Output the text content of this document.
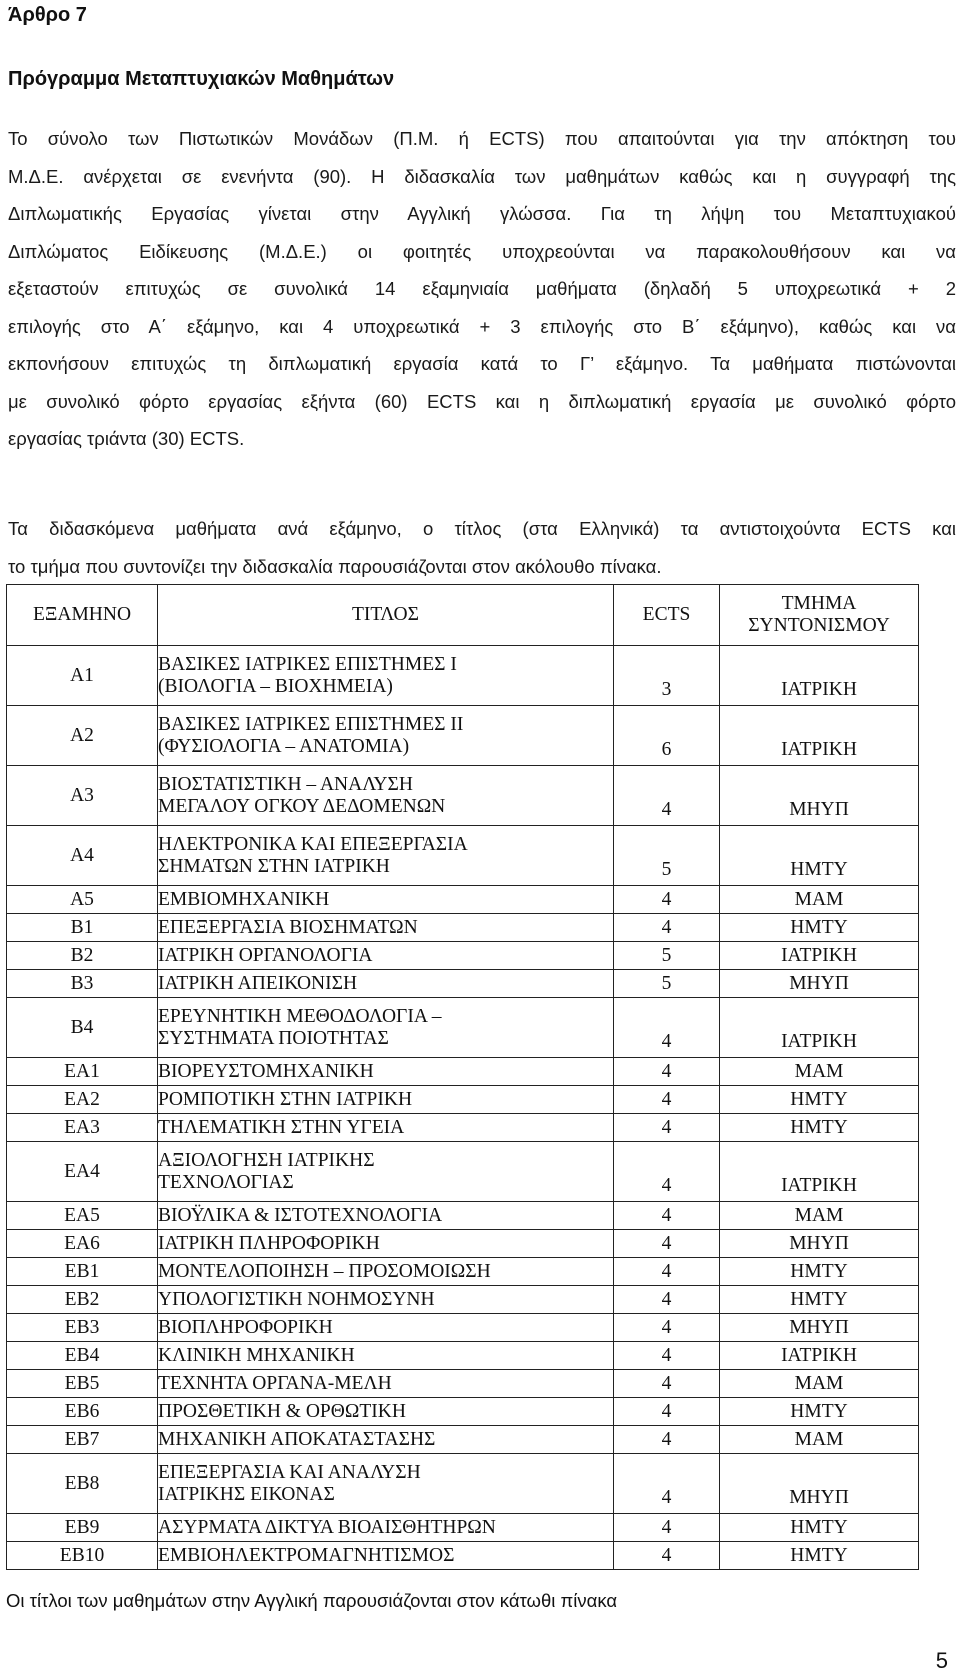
Άρθρο 7
Πρόγραμμα Μεταπτυχιακών Μαθημάτων
Το σύνολο των Πιστωτικών Μονάδων (Π.Μ. ή ECTS) που απαιτούνται για την απόκτηση του
Μ.Δ.Ε. ανέρχεται σε ενενήντα (90). Η διδασκαλία των μαθημάτων καθώς και η συγγραφή της
Διπλωματικής Εργασίας γίνεται στην Αγγλική γλώσσα. Για τη λήψη του Μεταπτυχιακού
Διπλώματος Ειδίκευσης (Μ.Δ.Ε.) οι φοιτητές υποχρεούνται να παρακολουθήσουν και να
εξεταστούν επιτυχώς σε συνολικά 14 εξαμηνιαία μαθήματα (δηλαδή 5 υποχρεωτικά + 2
επιλογής στο Α΄ εξάμηνο, και 4 υποχρεωτικά + 3 επιλογής στο Β΄ εξάμηνο), καθώς και να
εκπονήσουν επιτυχώς τη διπλωματική εργασία κατά το Γ’ εξάμηνο. Τα μαθήματα πιστώνονται
με συνολικό φόρτο εργασίας εξήντα (60) ECTS και η διπλωματική εργασία με συνολικό φόρτο
εργασίας τριάντα (30) ECTS.
Τα διδασκόμενα μαθήματα ανά εξάμηνο, ο τίτλος (στα Ελληνικά) τα αντιστοιχούντα ECTS και
το τμήμα που συντονίζει την διδασκαλία παρουσιάζονται στον ακόλουθο πίνακα.
ΕΞΑΜΗΝΟ	ΤΙΤΛΟΣ	ECTS	ΤΜΗΜΑ
ΣΥΝΤΟΝΙΣΜΟΥ

Α1	ΒΑΣΙΚΕΣ ΙΑΤΡΙΚΕΣ ΕΠΙΣΤΗΜΕΣ Ι
(ΒΙΟΛΟΓΙΑ – ΒΙΟΧΗΜΕΙΑ)	3	ΙΑΤΡΙΚΗ
Α2	ΒΑΣΙΚΕΣ ΙΑΤΡΙΚΕΣ ΕΠΙΣΤΗΜΕΣ ΙΙ
(ΦΥΣΙΟΛΟΓΙΑ – ΑΝΑΤΟΜΙΑ)	6	ΙΑΤΡΙΚΗ
Α3	ΒΙΟΣΤΑΤΙΣΤΙΚΗ – ΑΝΑΛΥΣΗ
ΜΕΓΑΛΟΥ ΟΓΚΟΥ ΔΕΔΟΜΕΝΩΝ	4	ΜΗΥΠ
Α4	ΗΛΕΚΤΡΟΝΙΚΑ ΚΑΙ ΕΠΕΞΕΡΓΑΣΙΑ
ΣΗΜΑΤΩΝ ΣΤΗΝ ΙΑΤΡΙΚΗ	5	ΗΜΤΥ
Α5	ΕΜΒΙΟΜΗΧΑΝΙΚΗ	4	ΜΑΜ
Β1	ΕΠΕΞΕΡΓΑΣΙΑ ΒΙΟΣΗΜΑΤΩΝ	4	ΗΜΤΥ
Β2	ΙΑΤΡΙΚΗ ΟΡΓΑΝΟΛΟΓΙΑ	5	ΙΑΤΡΙΚΗ
Β3	ΙΑΤΡΙΚΗ ΑΠΕΙΚΟΝΙΣΗ	5	ΜΗΥΠ
Β4	ΕΡΕΥΝΗΤΙΚΗ ΜΕΘΟΔΟΛΟΓΙΑ –
ΣΥΣΤΗΜΑΤΑ ΠΟΙΟΤΗΤΑΣ	4	ΙΑΤΡΙΚΗ
ΕΑ1	ΒΙΟΡΕΥΣΤΟΜΗΧΑΝΙΚΗ	4	ΜΑΜ
ΕΑ2	ΡΟΜΠΟΤΙΚΗ ΣΤΗΝ ΙΑΤΡΙΚΗ	4	ΗΜΤΥ
ΕΑ3	ΤΗΛΕΜΑΤΙΚΗ ΣΤΗΝ ΥΓΕΙΑ	4	ΗΜΤΥ
ΕΑ4	ΑΞΙΟΛΟΓΗΣΗ ΙΑΤΡΙΚΗΣ
ΤΕΧΝΟΛΟΓΙΑΣ	4	ΙΑΤΡΙΚΗ
ΕΑ5	ΒΙΟΫΛΙΚΑ & ΙΣΤΟΤΕΧΝΟΛΟΓΙΑ	4	ΜΑΜ
ΕΑ6	ΙΑΤΡΙΚΗ ΠΛΗΡΟΦΟΡΙΚΗ	4	ΜΗΥΠ
ΕΒ1	ΜΟΝΤΕΛΟΠΟΙΗΣΗ – ΠΡΟΣΟΜΟΙΩΣΗ	4	ΗΜΤΥ
ΕΒ2	ΥΠΟΛΟΓΙΣΤΙΚΗ ΝΟΗΜΟΣΥΝΗ	4	ΗΜΤΥ
ΕΒ3	ΒΙΟΠΛΗΡΟΦΟΡΙΚΗ	4	ΜΗΥΠ
ΕΒ4	ΚΛΙΝΙΚΗ ΜΗΧΑΝΙΚΗ	4	ΙΑΤΡΙΚΗ
ΕΒ5	ΤΕΧΝΗΤΑ ΟΡΓΑΝΑ-ΜΕΛΗ	4	ΜΑΜ
ΕΒ6	ΠΡΟΣΘΕΤΙΚΗ & ΟΡΘΩΤΙΚΗ	4	ΗΜΤΥ
ΕΒ7	ΜΗΧΑΝΙΚΗ ΑΠΟΚΑΤΑΣΤΑΣΗΣ	4	ΜΑΜ
ΕΒ8	ΕΠΕΞΕΡΓΑΣΙΑ ΚΑΙ ΑΝΑΛΥΣΗ
ΙΑΤΡΙΚΗΣ ΕΙΚΟΝΑΣ	4	ΜΗΥΠ
ΕΒ9	ΑΣΥΡΜΑΤΑ ΔΙΚΤΥΑ ΒΙΟΑΙΣΘΗΤΗΡΩΝ	4	ΗΜΤΥ
ΕΒ10	ΕΜΒΙΟΗΛΕΚΤΡΟΜΑΓΝΗΤΙΣΜΟΣ	4	ΗΜΤΥ
Οι τίτλοι των μαθημάτων στην Αγγλική παρουσιάζονται στον κάτωθι πίνακα
5
